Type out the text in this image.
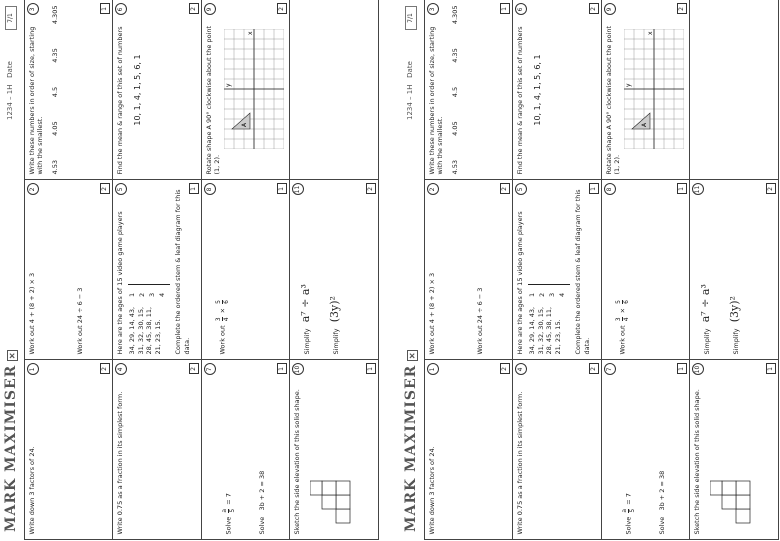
MARK MAXIMISER✕
1234 – 1H   Date
7/1
Write down 3 factors of 24.
1	2
Work out 4 + (8 + 2) × 3	Work out 24 ÷ 6 − 3
2	2
Write these numbers in order of size, starting with the smallest. 4.53
4.05
4.5
4.35
4.305
3	1
Write 0.75 as a fraction in its simplest form.
4	2
Here are the ages of 15 video game players 34, 29, 14, 43, 31, 32, 30, 15, 28, 45, 38, 11, 21, 23, 15.
1 2 3 4 Complete the ordered stem & leaf diagram for this data.
5	1
Find the mean & range of this set of numbers 10, 1, 4, 1, 5, 6, 1
6	2
Solve
a 5
= 7
Solve   3b + 2 = 38
7	1
Work out
3 4
×
5 6
8	1
Rotate shape A 90° clockwise about the point (1, 2).
A
x
y
9	2
Sketch the side elevation of this solid shape.
10	1
Simplify   a⁷ ÷ a³
Simplify   (3y)²
11	2
MARK MAXIMISER✕
1234 – 1H   Date
7/1
Write down 3 factors of 24.
1	2
Work out 4 + (8 + 2) × 3	Work out 24 ÷ 6 − 3
2	2
Write these numbers in order of size, starting with the smallest. 4.53
4.05
4.5
4.35
4.305
3	1
Write 0.75 as a fraction in its simplest form.
4	2
Here are the ages of 15 video game players 34, 29, 14, 43, 31, 32, 30, 15, 28, 45, 38, 11, 21, 23, 15.
1 2 3 4 Complete the ordered stem & leaf diagram for this data.
5	1
Find the mean & range of this set of numbers 10, 1, 4, 1, 5, 6, 1
6	2
Solve
a 5
= 7
Solve   3b + 2 = 38
7	1
Work out
3 4
×
5 6
8	1
Rotate shape A 90° clockwise about the point (1, 2).
A
x
y
9	2
Sketch the side elevation of this solid shape.
10	1
Simplify   a⁷ ÷ a³
Simplify   (3y)²
11	2
